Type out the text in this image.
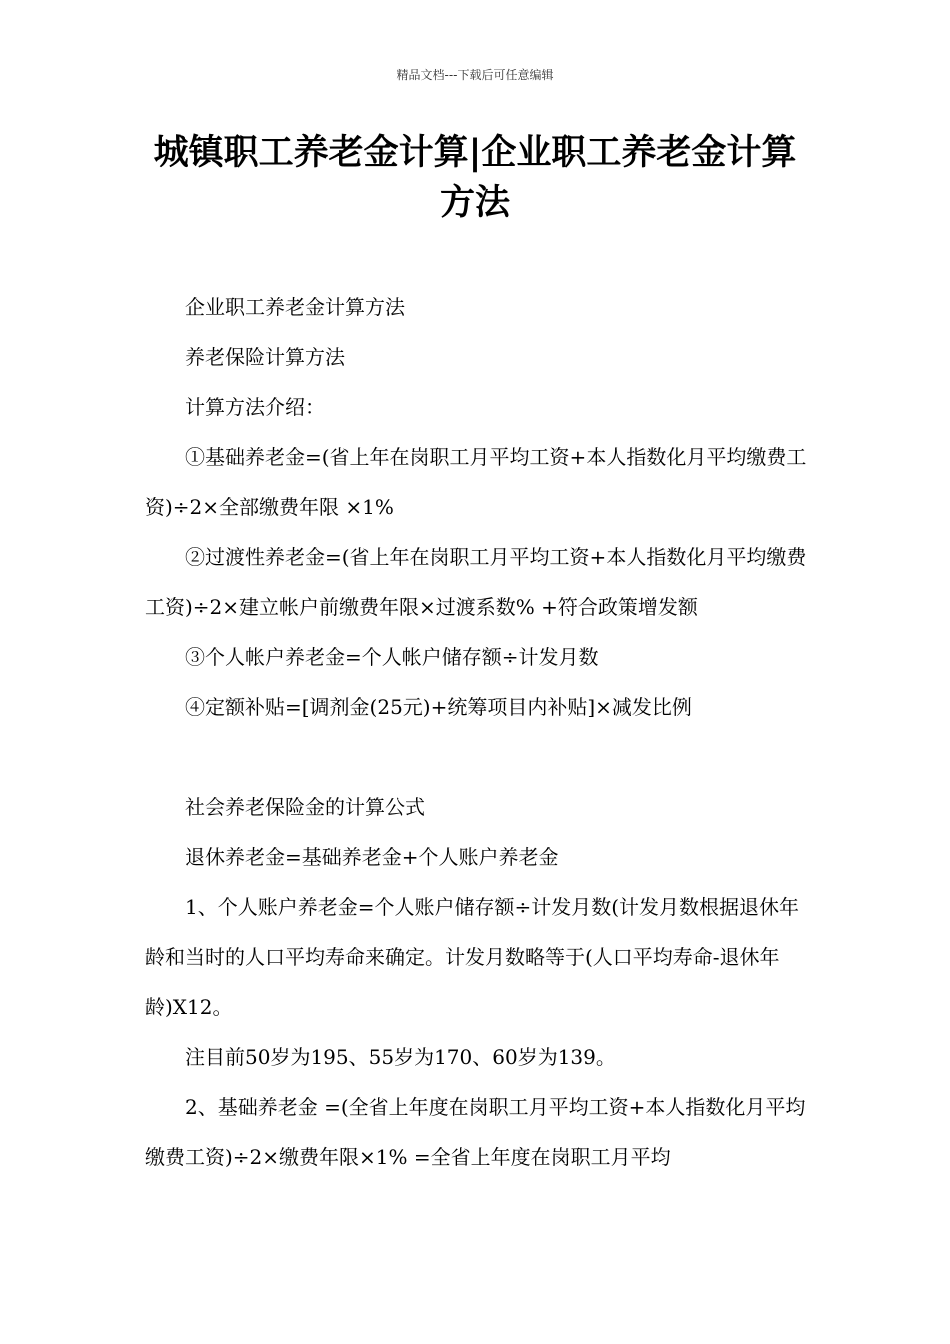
精品文档---下载后可任意编辑
城镇职工养老金计算|企业职工养老金计算方法

企业职工养老金计算方法

养老保险计算方法

计算方法介绍：

①基础养老金=(省上年在岗职工月平均工资+本人指数化月平均缴费工资)÷2×全部缴费年限 ×1%

②过渡性养老金=(省上年在岗职工月平均工资+本人指数化月平均缴费工资)÷2×建立帐户前缴费年限×过渡系数% +符合政策增发额

③个人帐户养老金=个人帐户储存额÷计发月数

④定额补贴=[调剂金(25元)+统筹项目内补贴]×减发比例

社会养老保险金的计算公式

退休养老金=基础养老金+个人账户养老金

1、个人账户养老金=个人账户储存额÷计发月数(计发月数根据退休年龄和当时的人口平均寿命来确定。计发月数略等于(人口平均寿命-退休年龄)X12。

注目前50岁为195、55岁为170、60岁为139。

2、基础养老金 =(全省上年度在岗职工月平均工资+本人指数化月平均缴费工资)÷2×缴费年限×1% =全省上年度在岗职工月平均
